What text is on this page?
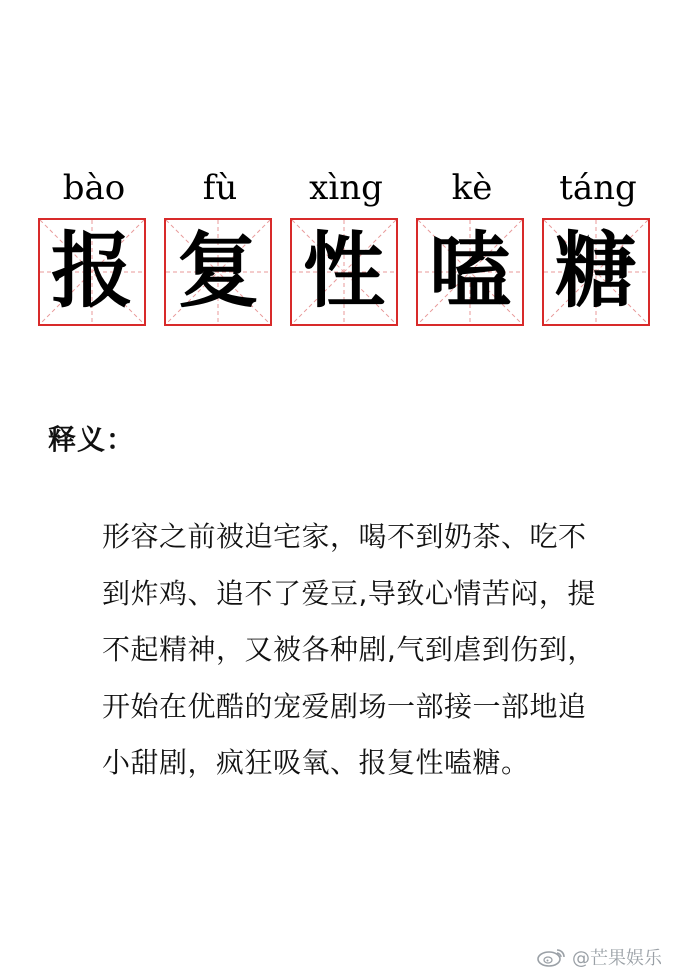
bào
报
fù
复
xìng
性
kè
嗑
táng
糖
释义：
形容之前被迫宅家，喝不到奶茶、吃不到炸鸡、追不了爱豆,导致心情苦闷，提不起精神，又被各种剧,气到虐到伤到，开始在优酷的宠爱剧场一部接一部地追小甜剧，疯狂吸氧、报复性嗑糖。
@芒果娱乐
